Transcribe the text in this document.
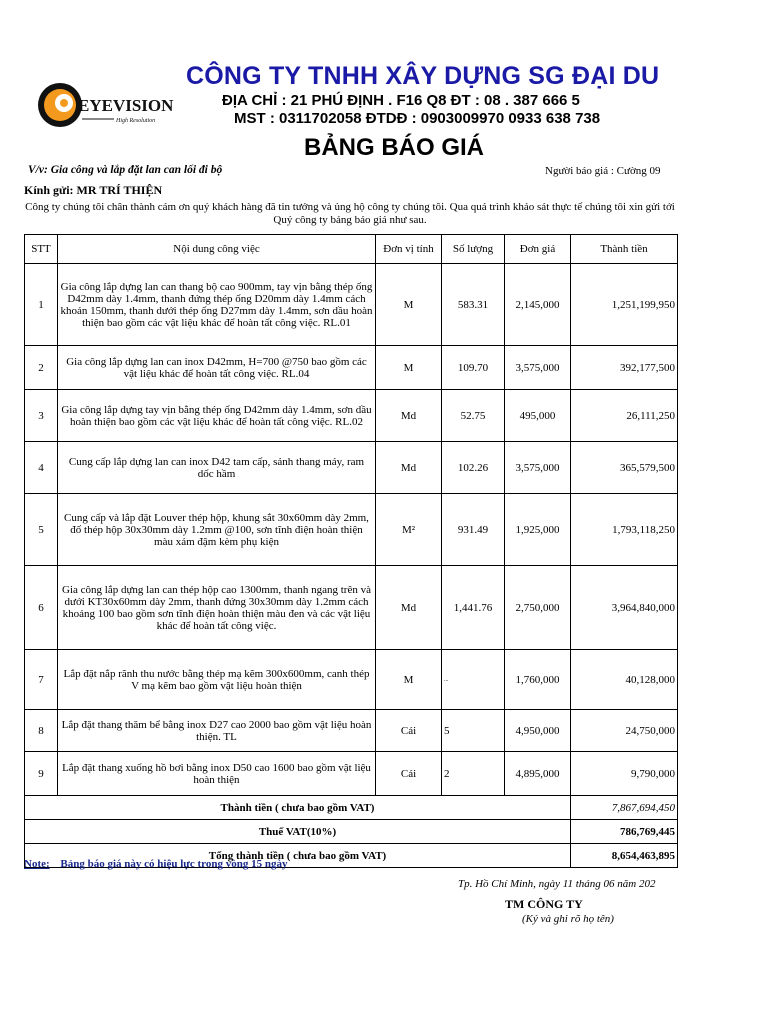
EYEVISION
High Resolution
CÔNG TY TNHH XÂY DỰNG SG ĐẠI DU
ĐỊA CHỈ : 21 PHÚ ĐỊNH . F16 Q8 ĐT : 08 . 387 666 5
MST : 0311702058 ĐTDĐ : 0903009970 0933 638 738
BẢNG BÁO GIÁ
V/v: Gia công và lắp đặt lan can lối đi bộ	Người báo giá : Cường 09
Kính gửi: MR TRÍ THIỆN
Công ty chúng tôi chân thành cám ơn quý khách hàng đã tin tưởng và ủng hộ công ty chúng tôi. Qua quá trình khảo sát thực tế chúng tôi xin gửi tới Quý công ty bảng báo giá như sau.
STT	Nội dung công việc	Đơn vị tính	Số lượng	Đơn giá	Thành tiền
1	Gia công lắp dựng lan can thang bộ cao 900mm, tay vịn bằng thép ống D42mm dày 1.4mm, thanh đứng thép ống D20mm dày 1.4mm cách khoản 150mm, thanh dưới thép ống D27mm dày 1.4mm, sơn dầu hoàn thiện bao gồm các vật liệu khác để hoàn tất công việc. RL.01	M	583.31	2,145,000	1,251,199,950
2	Gia công lắp dựng lan can inox D42mm, H=700 @750 bao gồm các vật liệu khác để hoàn tất công việc. RL.04	M	109.70	3,575,000	392,177,500
3	Gia công lắp dựng tay vịn bằng thép ống D42mm dày 1.4mm, sơn dầu hoàn thiện bao gồm các vật liệu khác để hoàn tất công việc. RL.02	Md	52.75	495,000	26,111,250
4	Cung cấp lắp dựng lan can inox D42 tam cấp, sảnh thang máy, ram dốc hầm	Md	102.26	3,575,000	365,579,500
5	Cung cấp và lắp đặt Louver thép hộp, khung sắt 30x60mm dày 2mm, đố thép hộp 30x30mm dày 1.2mm @100, sơn tĩnh điện hoàn thiện màu xám đậm kèm phụ kiện	M²	931.49	1,925,000	1,793,118,250
6	Gia công lắp dựng lan can thép hộp cao 1300mm, thanh ngang trên và dưới KT30x60mm dày 2mm, thanh đứng 30x30mm dày 1.2mm cách khoảng 100 bao gồm sơn tĩnh điện hoàn thiện màu đen và các vật liệu khác để hoàn tất công việc.	Md	1,441.76	2,750,000	3,964,840,000
7	Lắp đặt nắp rãnh thu nước bằng thép mạ kẽm 300x600mm, canh thép V mạ kẽm bao gồm vật liệu hoàn thiện	M	...	1,760,000	40,128,000
8	Lắp đặt thang thăm bể bằng inox D27 cao 2000 bao gồm vật liệu hoàn thiện. TL	Cái	5	4,950,000	24,750,000
9	Lắp đặt thang xuống hồ bơi bằng inox D50 cao 1600 bao gồm vật liệu hoàn thiện	Cái	2	4,895,000	9,790,000
Thành tiền ( chưa bao gồm VAT)					7,867,694,450
Thuế VAT(10%)					786,769,445
Tổng thành tiền ( chưa bao gồm VAT)					8,654,463,895
Note: Bảng báo giá này có hiệu lực trong vòng 15 ngày
Tp. Hồ Chí Minh, ngày 11 tháng 06 năm 202
TM CÔNG TY
(Ký và ghi rõ họ tên)
